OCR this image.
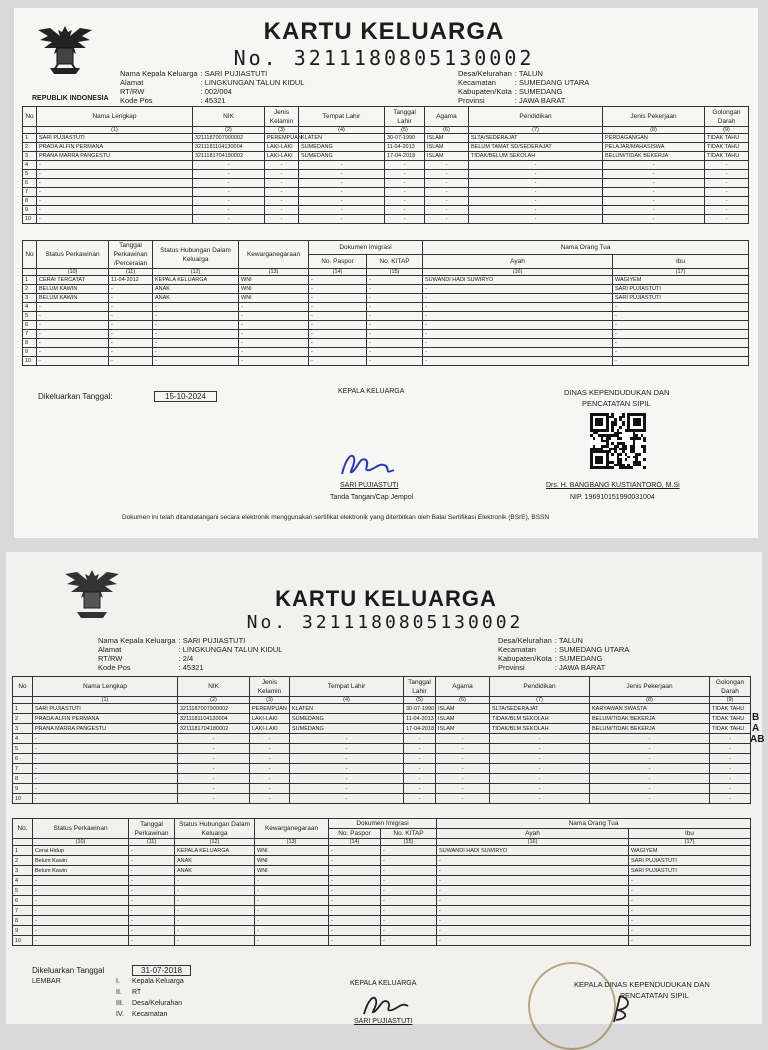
REPUBLIK INDONESIA
KARTU KELUARGA
No. 3211180805130002
Nama Kepala Keluarga	: SARI PUJIASTUTI
Alamat	: LINGKUNGAN TALUN KIDUL
RT/RW	: 002/004
Kode Pos	: 45321
Desa/Kelurahan	: TALUN
Kecamatan	: SUMEDANG UTARA
Kabupaten/Kota	: SUMEDANG
Provinsi	: JAWA BARAT
No	Nama Lengkap	NIK	Jenis Kelamin	Tempat Lahir	Tanggal Lahir	Agama	Pendidikan	Jenis Pekerjaan	Golongan Darah
	(1)	(2)	(3)	(4)	(5)	(6)	(7)	(8)	(9)
1	SARI PUJIASTUTI	3211187007900002	PEREMPUAN	KLATEN	30-07-1990	ISLAM	SLTA/SEDERAJAT	PERDAGANGAN	TIDAK TAHU
2	PRADA ALFIN PERMANA	3211181104130004	LAKI-LAKI	SUMEDANG	11-04-2013	ISLAM	BELUM TAMAT SD/SEDERAJAT	PELAJAR/MAHASISWA	TIDAK TAHU
3	PRANA MARRA PANGESTU	3211181704180002	LAKI-LAKI	SUMEDANG	17-04-2018	ISLAM	TIDAK/BELUM SEKOLAH	BELUM/TIDAK BEKERJA	TIDAK TAHU
4	-	-	-	-	-	-	-	-	-
5	-	-	-	-	-	-	-	-	-
6	-	-	-	-	-	-	-	-	-
7	-	-	-	-	-	-	-	-	-
8	-	-	-	-	-	-	-	-	-
9	-	-	-	-	-	-	-	-	-
10	-	-	-	-	-	-	-	-	-
No	Status Perkawinan	Tanggal Perkawinan /Perceraian	Status Hubungan Dalam Keluarga	Kewarganegaraan	Dokumen Imigrasi		Nama Orang Tua	
					No. Paspor	No. KITAP	Ayah	Ibu
	(10)	(11)	(12)	(13)	(14)	(15)	(16)	(17)
1	CERAI TERCATAT	11-04-2012	KEPALA KELUARGA	WNI	-	-	SUWANDI HADI SUWIRYO	WAGIYEM
2	BELUM KAWIN	-	ANAK	WNI	-	-	-	SARI PUJIASTUTI
3	BELUM KAWIN	-	ANAK	WNI	-	-	-	SARI PUJIASTUTI
4	-	-	-	-	-	-	-	-
5	-	-	-	-	-	-	-	-
6	-	-	-	-	-	-	-	-
7	-	-	-	-	-	-	-	-
8	-	-	-	-	-	-	-	-
9	-	-	-	-	-	-	-	-
10	-	-	-	-	-	-	-	-
Dikeluarkan Tanggal:	15-10-2024
KEPALA KELUARGA	DINAS KEPENDUDUKAN DAN
PENCATATAN SIPIL
SARI PUJIASTUTI
Tanda Tangan/Cap Jempol
Drs. H. BANGBANG KUSTIANTORO, M.Si
NIP. 196910151990031004
Dokumen ini telah ditandatangani secara elektronik menggunakan sertifikat elektronik yang diterbitkan oleh Balai Sertifikasi Elektronik (BSrE), BSSN
KARTU KELUARGA
No. 3211180805130002
Nama Kepala Keluarga	: SARI PUJIASTUTI
Alamat	: LINGKUNGAN TALUN KIDUL
RT/RW	: 2/4
Kode Pos	: 45321
Desa/Kelurahan	: TALUN
Kecamatan	: SUMEDANG UTARA
Kabupaten/Kota	: SUMEDANG
Provinsi	: JAWA BARAT
No	Nama Lengkap	NIK	Jenis Kelamin	Tempat Lahir	Tanggal Lahir	Agama	Pendidikan	Jenis Pekerjaan	Golongan Darah
	(1)	(2)	(3)	(4)	(5)	(6)	(7)	(8)	(9)
1	SARI PUJIASTUTI	3211187007900002	PEREMPUAN	KLATEN	30-07-1990	ISLAM	SLTA/SEDERAJAT	KARYAWAN SWASTA	TIDAK TAHU
2	PRADA ALFIN PERMANA	3211181104130004	LAKI-LAKI	SUMEDANG	11-04-2013	ISLAM	TIDAK/BLM SEKOLAH	BELUM/TIDAK BEKERJA	TIDAK TAHU
3	PRANA MARRA PANGESTU	3211181704180002	LAKI-LAKI	SUMEDANG	17-04-2018	ISLAM	TIDAK/BLM SEKOLAH	BELUM/TIDAK BEKERJA	TIDAK TAHU
4	-	-	-	-	-	-	-	-	-
5	-	-	-	-	-	-	-	-	-
6	-	-	-	-	-	-	-	-	-
7	-	-	-	-	-	-	-	-	-
8	-	-	-	-	-	-	-	-	-
9	-	-	-	-	-	-	-	-	-
10	-	-	-	-	-	-	-	-	-
B
A
AB
No.	Status Perkawinan	Tanggal Perkawinan	Status Hubungan Dalam Keluarga	Kewarganegaraan	Dokumen Imigrasi		Nama Orang Tua	
					No. Paspor	No. KITAP	Ayah	Ibu
	(10)	(11)	(12)	(13)	(14)	(15)	(16)	(17)
1	Cerai Hidup	-	KEPALA KELUARGA	WNI	-	-	SUWANDI HADI SUWIRYO	WAGIYEM
2	Belum Kawin	-	ANAK	WNI	-	-	-	SARI PUJIASTUTI
3	Belum Kawin	-	ANAK	WNI	-	-	-	SARI PUJIASTUTI
4	-	-	-	-	-	-	-	-
5	-	-	-	-	-	-	-	-
6	-	-	-	-	-	-	-	-
7	-	-	-	-	-	-	-	-
8	-	-	-	-	-	-	-	-
9	-	-	-	-	-	-	-	-
10	-	-	-	-	-	-	-	-
Dikeluarkan Tanggal	31-07-2018
LEMBAR	I. Kepala Keluarga
II. RT
III. Desa/Kelurahan
IV. Kecamatan
KEPALA KELUARGA	KEPALA DINAS KEPENDUDUKAN DAN
PENCATATAN SIPIL
SARI PUJIASTUTI
